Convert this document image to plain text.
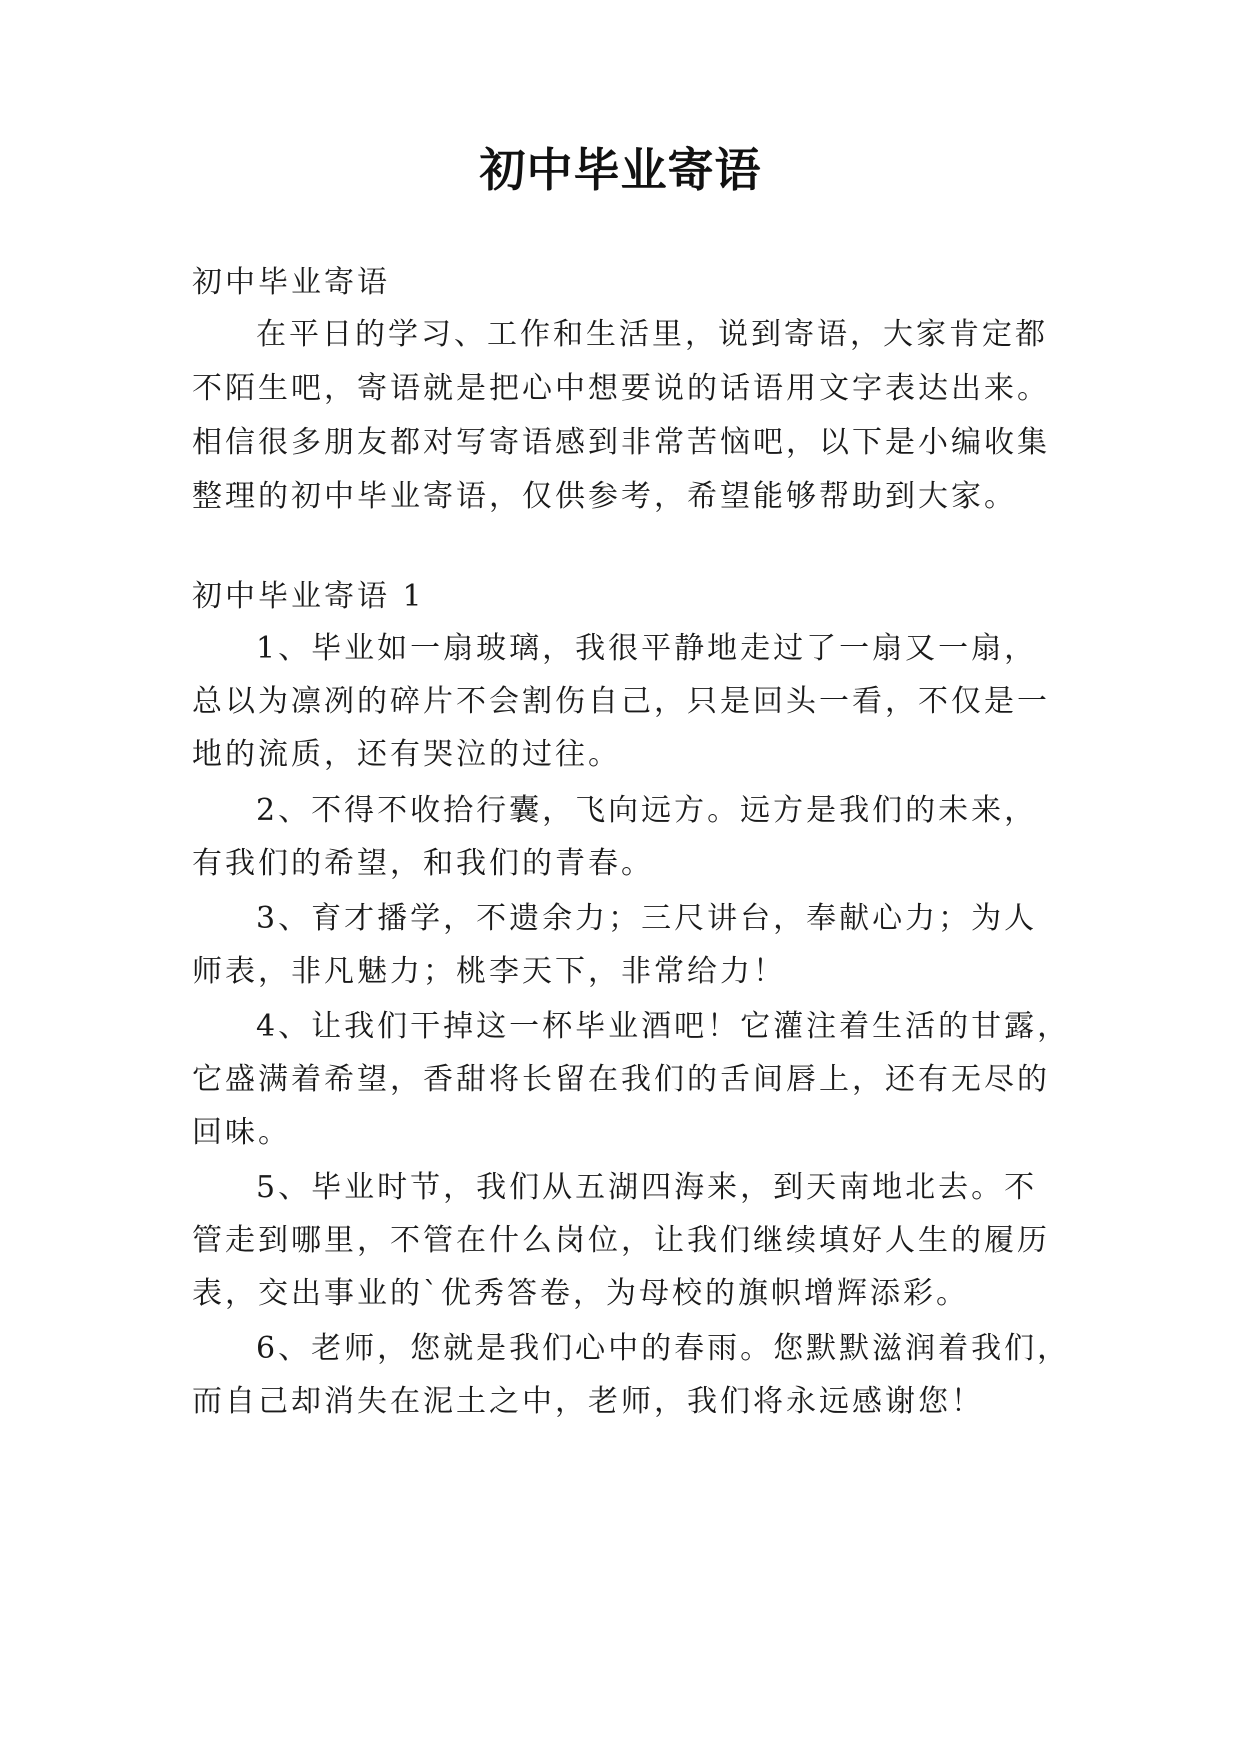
初中毕业寄语
初中毕业寄语
在平日的学习、工作和生活里，说到寄语，大家肯定都
不陌生吧，寄语就是把心中想要说的话语用文字表达出来。
相信很多朋友都对写寄语感到非常苦恼吧，以下是小编收集
整理的初中毕业寄语，仅供参考，希望能够帮助到大家。
初中毕业寄语 1
1、毕业如一扇玻璃，我很平静地走过了一扇又一扇，
总以为凛冽的碎片不会割伤自己，只是回头一看，不仅是一
地的流质，还有哭泣的过往。
2、不得不收拾行囊，飞向远方。远方是我们的未来，
有我们的希望，和我们的青春。
3、育才播学，不遗余力；三尺讲台，奉献心力；为人
师表，非凡魅力；桃李天下，非常给力！
4、让我们干掉这一杯毕业酒吧！它灌注着生活的甘露，
它盛满着希望，香甜将长留在我们的舌间唇上，还有无尽的
回味。
5、毕业时节，我们从五湖四海来，到天南地北去。不
管走到哪里，不管在什么岗位，让我们继续填好人生的履历
表，交出事业的`优秀答卷，为母校的旗帜增辉添彩。
6、老师，您就是我们心中的春雨。您默默滋润着我们，
而自己却消失在泥土之中，老师，我们将永远感谢您！
